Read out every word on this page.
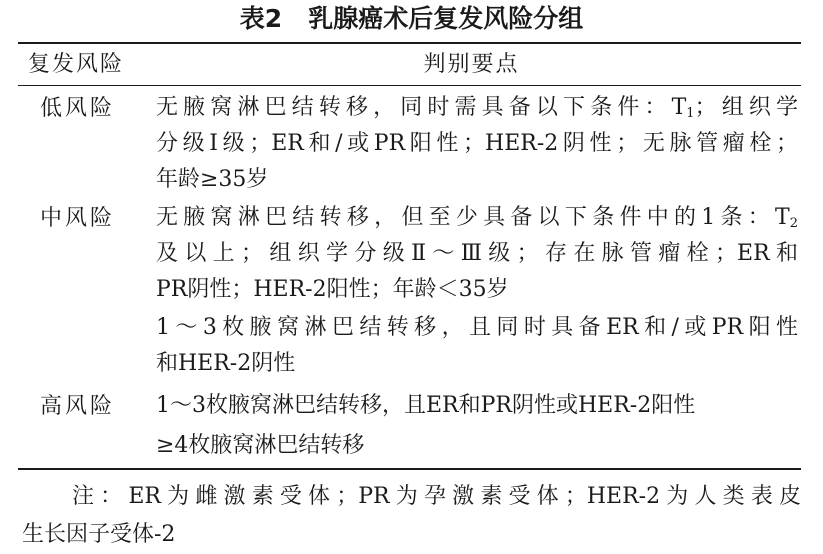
表2 乳腺癌术后复发风险分组
复发风险	判别要点
低风险 无腋窝淋巴结转移，同时需具备以下条件：$T_1$；组织学
分级Ⅰ级；ER和/或PR阳性；HER-2阴性；无脉管瘤栓；
年龄≥35岁
中风险 无腋窝淋巴结转移，但至少具备以下条件中的1条：$T_2$
及以上；组织学分级Ⅱ～Ⅲ级；存在脉管瘤栓；ER和
PR阴性；HER-2阳性；年龄＜35岁
1～3枚腋窝淋巴结转移，且同时具备ER和/或PR阳性
和HER-2阴性
高风险 1～3枚腋窝淋巴结转移，且ER和PR阴性或HER-2阳性
≥4枚腋窝淋巴结转移
注：ER为雌激素受体；PR为孕激素受体；HER-2为人类表皮
生长因子受体-2
